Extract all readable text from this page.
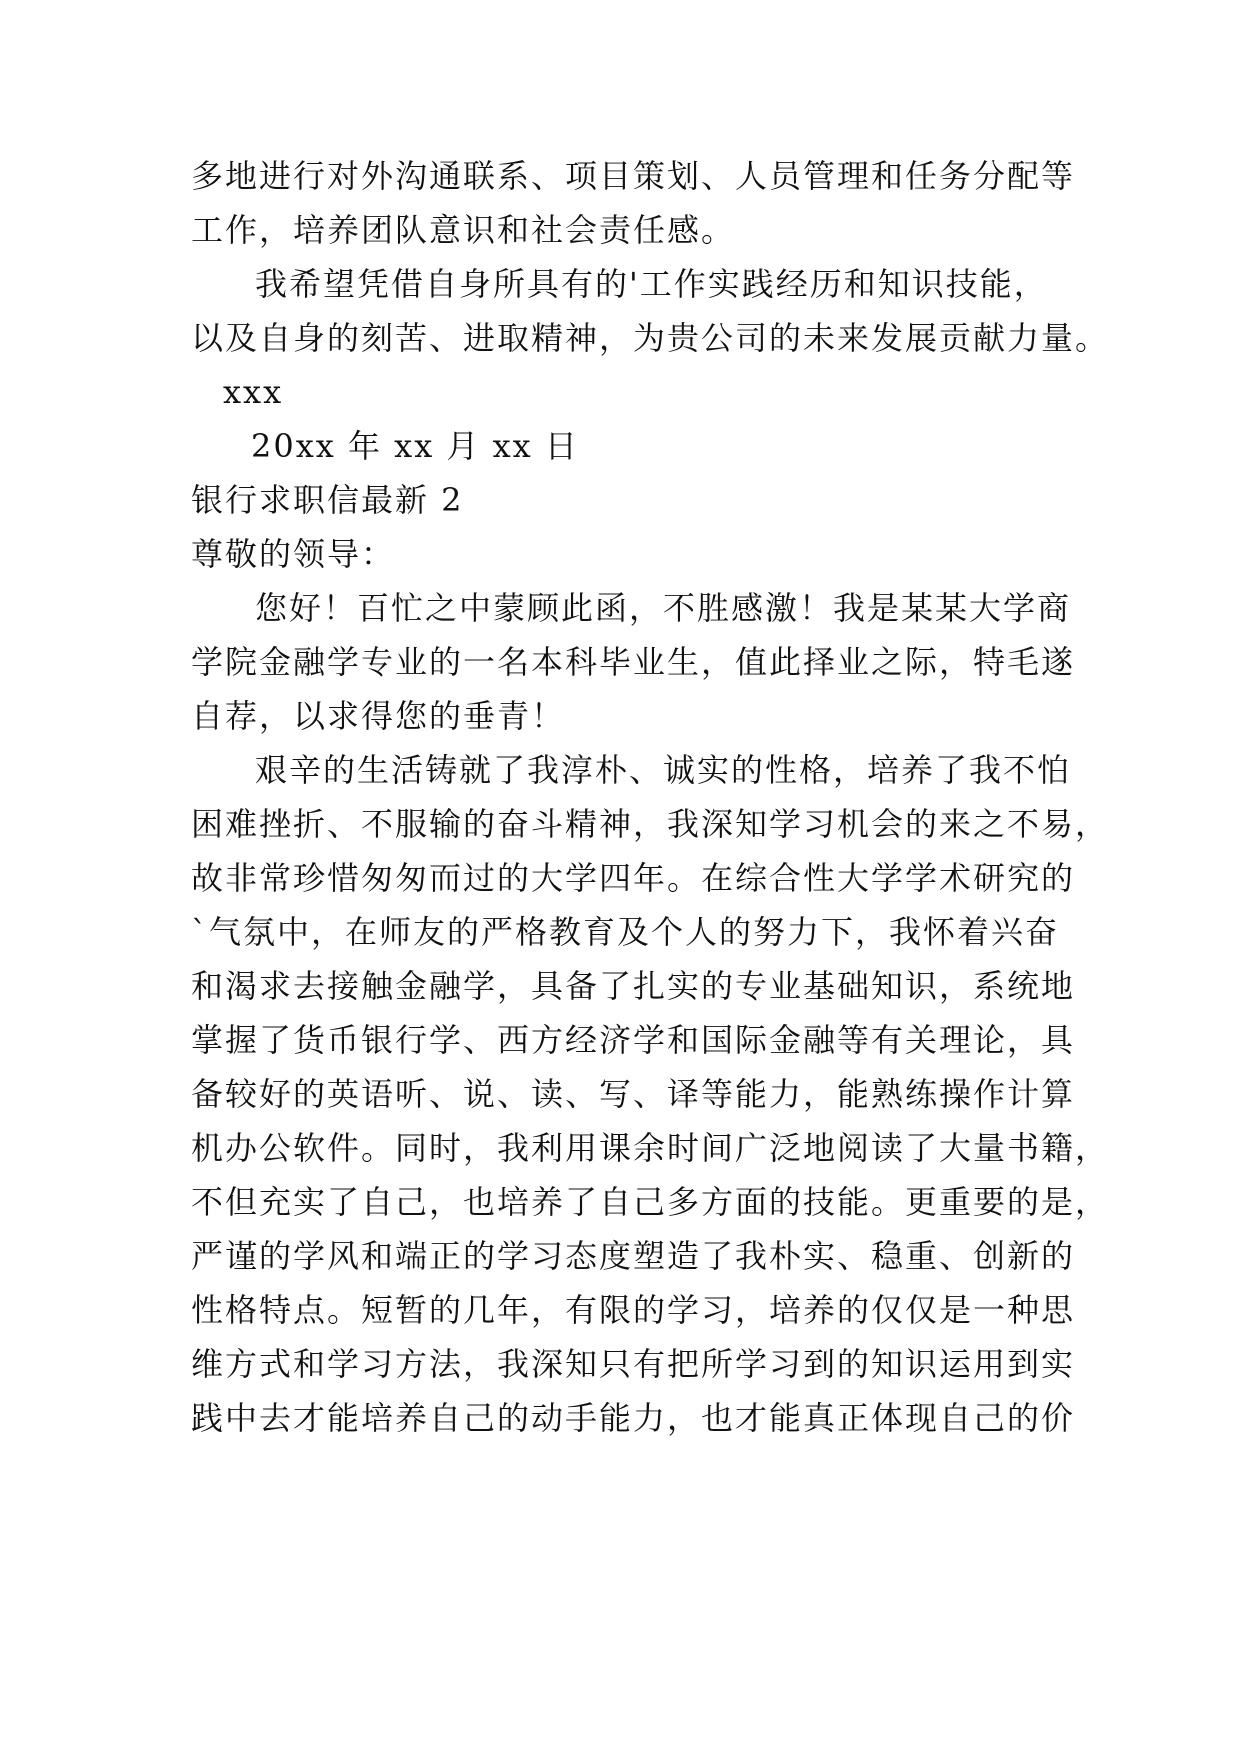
多地进行对外沟通联系、项目策划、人员管理和任务分配等
工作，培养团队意识和社会责任感。
我希望凭借自身所具有的'工作实践经历和知识技能，
以及自身的刻苦、进取精神，为贵公司的未来发展贡献力量。
xxx
20xx 年 xx 月 xx 日
银行求职信最新 2
尊敬的领导：
您好！百忙之中蒙顾此函，不胜感激！我是某某大学商
学院金融学专业的一名本科毕业生，值此择业之际，特毛遂
自荐，以求得您的垂青！
艰辛的生活铸就了我淳朴、诚实的性格，培养了我不怕
困难挫折、不服输的奋斗精神，我深知学习机会的来之不易，
故非常珍惜匆匆而过的大学四年。在综合性大学学术研究的
`气氛中，在师友的严格教育及个人的努力下，我怀着兴奋
和渴求去接触金融学，具备了扎实的专业基础知识，系统地
掌握了货币银行学、西方经济学和国际金融等有关理论，具
备较好的英语听、说、读、写、译等能力，能熟练操作计算
机办公软件。同时，我利用课余时间广泛地阅读了大量书籍，
不但充实了自己，也培养了自己多方面的技能。更重要的是，
严谨的学风和端正的学习态度塑造了我朴实、稳重、创新的
性格特点。短暂的几年，有限的学习，培养的仅仅是一种思
维方式和学习方法，我深知只有把所学习到的知识运用到实
践中去才能培养自己的动手能力，也才能真正体现自己的价
